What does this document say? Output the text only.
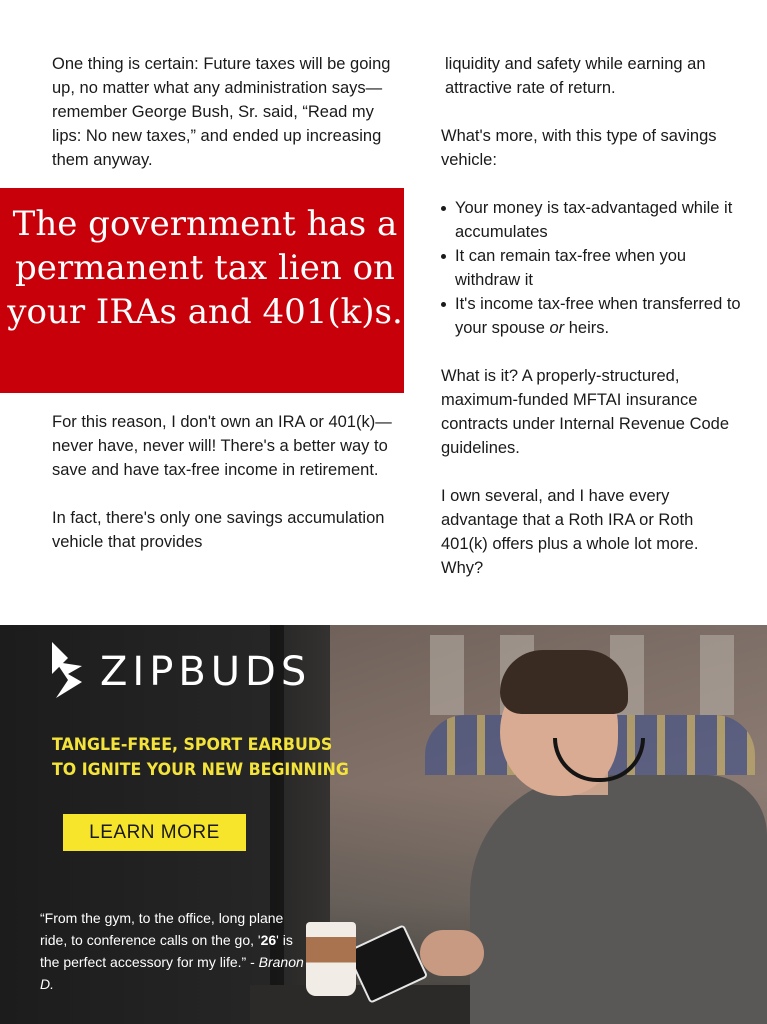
One thing is certain: Future taxes will be going up, no matter what any administration says—remember George Bush, Sr. said, “Read my lips: No new taxes,” and ended up increasing them anyway.

The government has a permanent tax lien on your IRAs and 401(k)s.

For this reason, I don't own an IRA or 401(k)—never have, never will! There's a better way to save and have tax-free income in retirement.

In fact, there's only one savings accumulation vehicle that provides

liquidity and safety while earning an attractive rate of return.

What's more, with this type of savings vehicle:

Your money is tax-advantaged while it accumulates
It can remain tax-free when you withdraw it
It's income tax-free when transferred to your spouse or heirs.

What is it? A properly-structured, maximum-funded MFTAI insurance contracts under Internal Revenue Code guidelines.

I own several, and I have every advantage that a Roth IRA or Roth 401(k) offers plus a whole lot more. Why?

ZIPBUDS
TANGLE-FREE, SPORT EARBUDS
TO IGNITE YOUR NEW BEGINNING
LEARN MORE
“From the gym, to the office, long plane ride, to conference calls on the go, '26' is the perfect accessory for my life.” - Branon D.
